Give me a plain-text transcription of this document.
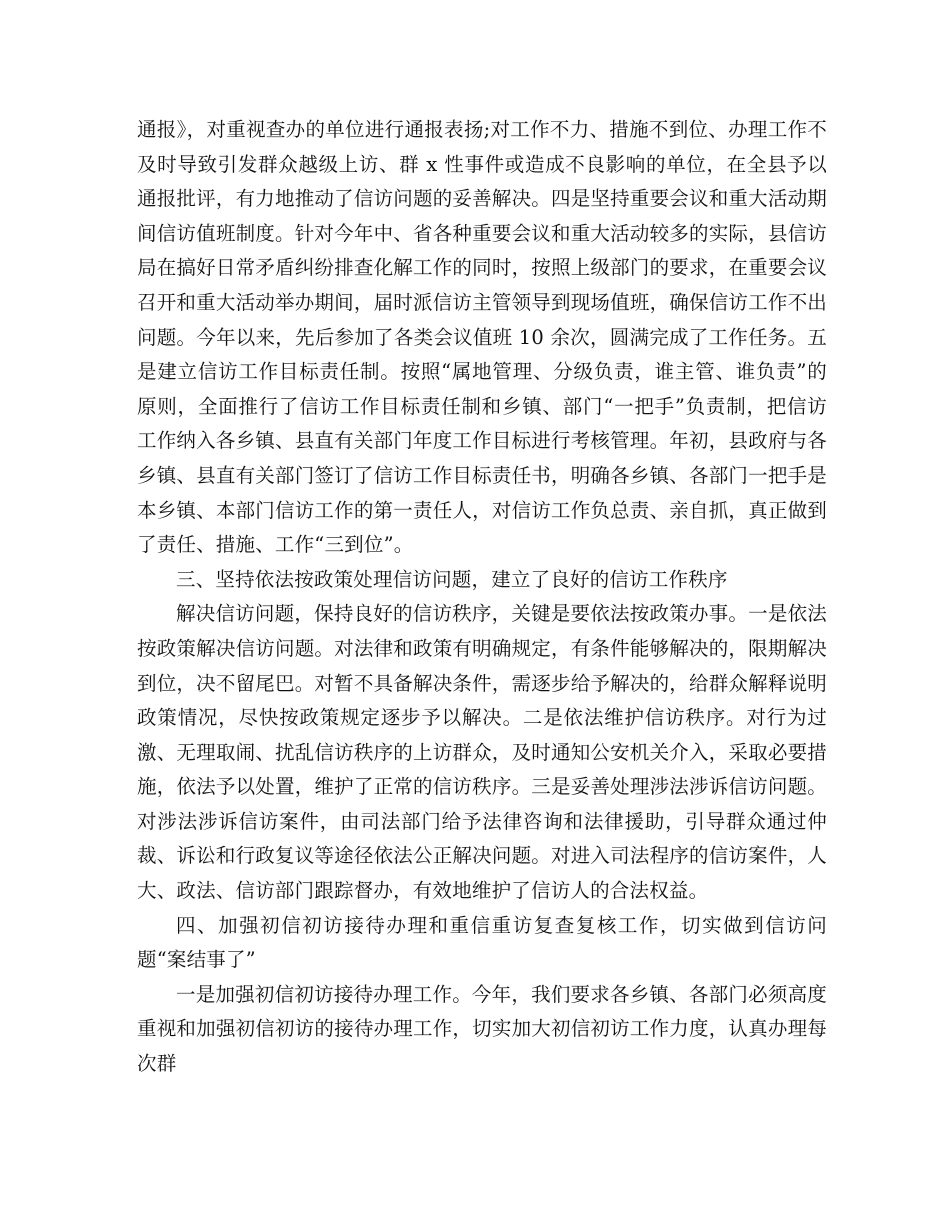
通报》，对重视查办的单位进行通报表扬;对工作不力、措施不到位、办理工作不及时导致引发群众越级上访、群 x 性事件或造成不良影响的单位，在全县予以通报批评，有力地推动了信访问题的妥善解决。四是坚持重要会议和重大活动期间信访值班制度。针对今年中、省各种重要会议和重大活动较多的实际，县信访局在搞好日常矛盾纠纷排查化解工作的同时，按照上级部门的要求，在重要会议召开和重大活动举办期间，届时派信访主管领导到现场值班，确保信访工作不出问题。今年以来，先后参加了各类会议值班 10 余次，圆满完成了工作任务。五是建立信访工作目标责任制。按照“属地管理、分级负责，谁主管、谁负责”的原则，全面推行了信访工作目标责任制和乡镇、部门“一把手”负责制，把信访工作纳入各乡镇、县直有关部门年度工作目标进行考核管理。年初，县政府与各乡镇、县直有关部门签订了信访工作目标责任书，明确各乡镇、各部门一把手是本乡镇、本部门信访工作的第一责任人，对信访工作负总责、亲自抓，真正做到了责任、措施、工作“三到位”。

三、坚持依法按政策处理信访问题，建立了良好的信访工作秩序

解决信访问题，保持良好的信访秩序，关键是要依法按政策办事。一是依法按政策解决信访问题。对法律和政策有明确规定，有条件能够解决的，限期解决到位，决不留尾巴。对暂不具备解决条件，需逐步给予解决的，给群众解释说明政策情况，尽快按政策规定逐步予以解决。二是依法维护信访秩序。对行为过激、无理取闹、扰乱信访秩序的上访群众，及时通知公安机关介入，采取必要措施，依法予以处置，维护了正常的信访秩序。三是妥善处理涉法涉诉信访问题。对涉法涉诉信访案件，由司法部门给予法律咨询和法律援助，引导群众通过仲裁、诉讼和行政复议等途径依法公正解决问题。对进入司法程序的信访案件，人大、政法、信访部门跟踪督办，有效地维护了信访人的合法权益。

四、加强初信初访接待办理和重信重访复查复核工作，切实做到信访问题“案结事了”

一是加强初信初访接待办理工作。今年，我们要求各乡镇、各部门必须高度重视和加强初信初访的接待办理工作，切实加大初信初访工作力度，认真办理每次群
